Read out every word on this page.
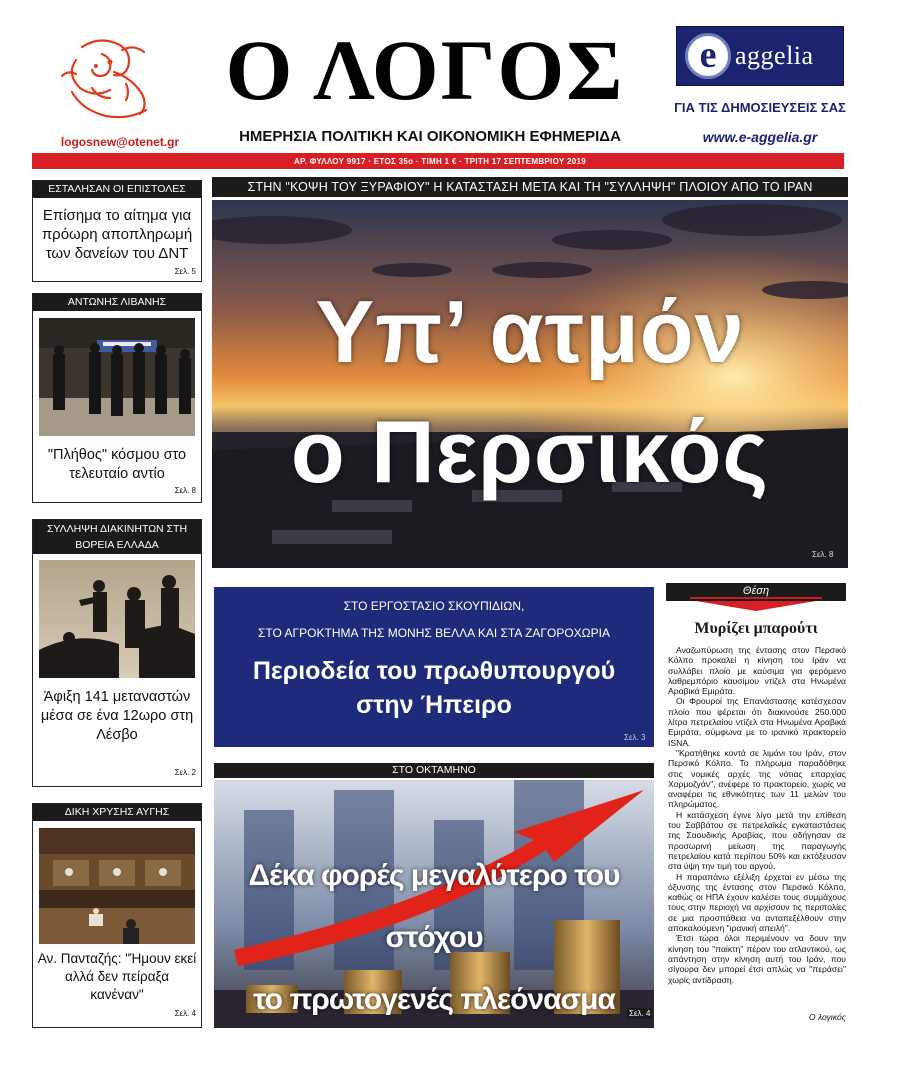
logosnew@otenet.gr
Ο ΛΟΓΟΣ
ΗΜΕΡΗΣΙΑ ΠΟΛΙΤΙΚΗ ΚΑΙ ΟΙΚΟΝΟΜΙΚΗ ΕΦΗΜΕΡΙΔΑ
e aggelia
ΓΙΑ ΤΙΣ ΔΗΜΟΣΙΕΥΣΕΙΣ ΣΑΣ
www.e-aggelia.gr
ΑΡ. ΦΥΛΛΟΥ 9917 · ΕΤΟΣ 35ο · ΤΙΜΗ 1 € · ΤΡΙΤΗ 17 ΣΕΠΤΕΜΒΡΙΟΥ 2019
ΕΣΤΑΛΗΣΑΝ ΟΙ ΕΠΙΣΤΟΛΕΣ
Επίσημα το αίτημα για πρόωρη αποπληρωμή των δανείων του ΔΝΤ
Σελ. 5
ΑΝΤΩΝΗΣ ΛΙΒΑΝΗΣ
"Πλήθος" κόσμου στο τελευταίο αντίο
Σελ. 8
ΣΥΛΛΗΨΗ ΔΙΑΚΙΝΗΤΩΝ ΣΤΗ ΒΟΡΕΙΑ ΕΛΛΑΔΑ
Άφιξη 141 μεταναστών μέσα σε ένα 12ωρο στη Λέσβο
Σελ. 2
ΔΙΚΗ ΧΡΥΣΗΣ ΑΥΓΗΣ
Αν. Πανταζής: "Ήμουν εκεί αλλά δεν πείραξα κανέναν"
Σελ. 4
ΣΤΗΝ "ΚΟΨΗ ΤΟΥ ΞΥΡΑΦΙΟΥ" Η ΚΑΤΑΣΤΑΣΗ ΜΕΤΑ ΚΑΙ ΤΗ "ΣΥΛΛΗΨΗ" ΠΛΟΙΟΥ ΑΠΟ ΤΟ ΙΡΑΝ
Υπ’ ατμόν
ο Περσικός
Σελ. 8
ΣΤΟ ΕΡΓΟΣΤΑΣΙΟ ΣΚΟΥΠΙΔΙΩΝ,
ΣΤΟ ΑΓΡΟΚΤΗΜΑ ΤΗΣ ΜΟΝΗΣ ΒΕΛΛΑ ΚΑΙ ΣΤΑ ΖΑΓΟΡΟΧΩΡΙΑ
Περιοδεία του πρωθυπουργού
στην Ήπειρο
Σελ. 3
ΣΤΟ ΟΚΤΑΜΗΝΟ
Δέκα φορές μεγαλύτερο του στόχου
το πρωτογενές πλεόνασμα	Σελ. 4
Θέση
Μυρίζει μπαρούτι

Αναζωπύρωση της έντασης στον Περσικό Κόλπο προκαλεί η κίνηση του Ιράν να συλλάβει πλοίο με καύσιμα για φερόμενο λαθρεμπόριο καυσίμου ντίζελ στα Ηνωμένα Αραβικά Εμιράτα.

Οι Φρουροί της Επανάστασης κατέσχεσαν πλοίο που φέρεται ότι διακινούσε 250.000 λίτρα πετρελαίου ντίζελ στα Ηνωμένα Αραβικά Εμιράτα, σύμφωνα με το ιρανικό πρακτορείο ISNA.

"Κρατήθηκε κοντά σε λιμάνι του Ιράν, στον Περσικό Κόλπο. Το πλήρωμα παραδόθηκε στις νομικές αρχές της νότιας επαρχίας Χορμοζγάν", ανέφερε το πρακτορείο, χωρίς να αναφέρει τις εθνικότητες των 11 μελών του πληρώματος.

Η κατάσχεση έγινε λίγο μετά την επίθεση του Σαββάτου σε πετρελαϊκές εγκαταστάσεις της Σαουδικής Αραβίας, που οδήγησαν σε προσωρινή μείωση της παραγωγής πετρελαίου κατά περίπου 50% και εκτόξευσαν στα ύψη την τιμή του αργού.

Η παραπάνω εξέλιξη έρχεται εν μέσω της όξυνσης της έντασης στον Περσικό Κόλπο, καθώς οι ΗΠΑ έχουν καλέσει τους συμμάχους τους στην περιοχή να αρχίσουν τις περιπολίες σε μια προσπάθεια να ανταπεξέλθουν στην αποκαλούμενη "ιρανική απειλή".

Έτσι τώρα όλοι περιμένουν να δουν την κίνηση του "παίκτη" πέραν του ατλαντικού, ως απάντηση στην κίνηση αυτή του Ιράν, που σίγουρα δεν μπορεί έτσι απλώς να "περάσει" χωρίς αντίδραση.

Ο λογικός
